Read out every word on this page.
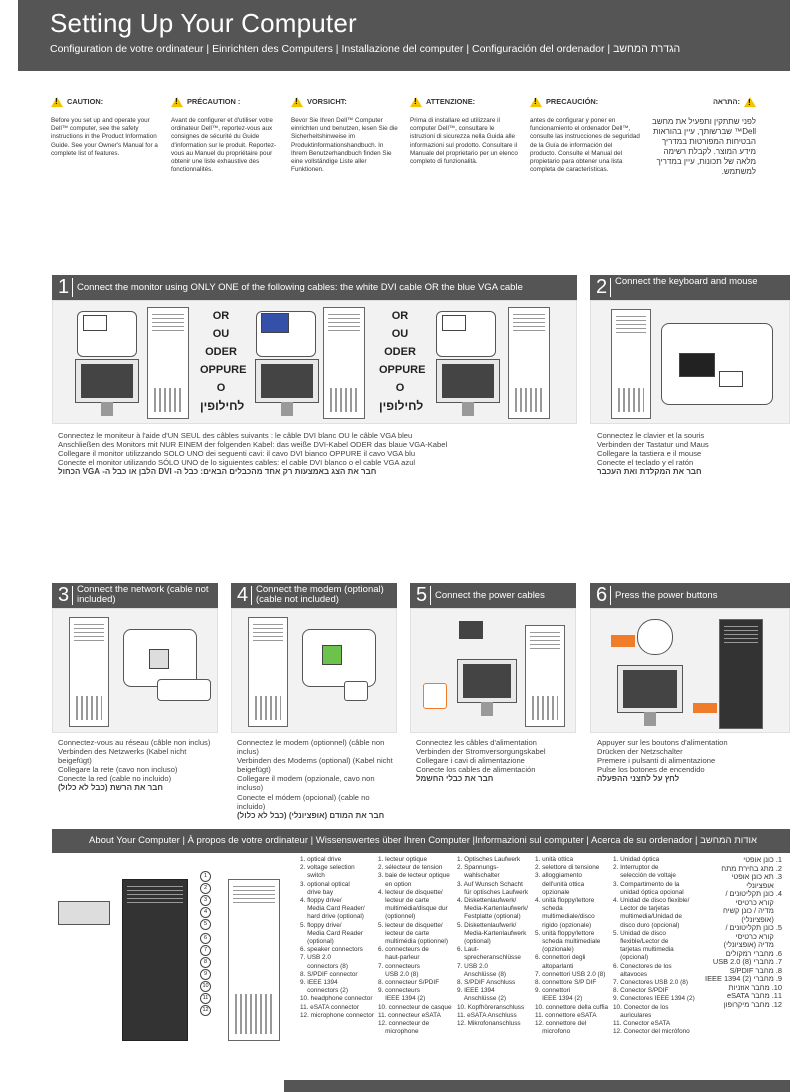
Setting Up Your Computer
Configuration de votre ordinateur | Einrichten des Computers | Installazione del computer | Configuración del ordenador | הגדרת המחשב
!
CAUTION:
Before you set up and operate your Dell™ computer, see the safety instructions in the Product Information Guide. See your Owner's Manual for a complete list of features.
!
PRÉCAUTION :
Avant de configurer et d'utiliser votre ordinateur Dell™, reportez-vous aux consignes de sécurité du Guide d'information sur le produit. Reportez-vous au Manuel du propriétaire pour obtenir une liste exhaustive des fonctionnalités.
!
VORSICHT:
Bevor Sie Ihren Dell™ Computer einrichten und benutzen, lesen Sie die Sicherheitshinweise im Produktinformationshandbuch. In Ihrem Benutzerhandbuch finden Sie eine vollständige Liste aller Funktionen.
!
ATTENZIONE:
Prima di installare ed utilizzare il computer Dell™, consultare le istruzioni di sicurezza nella Guida alle informazioni sul prodotto. Consultare il Manuale del proprietario per un elenco completo di funzionalità.
!
PRECAUCIÓN:
antes de configurar y poner en funcionamiento el ordenador Dell™, consulte las instrucciones de seguridad de la Guía de información del producto. Consulte el Manual del propietario para obtener una lista completa de características.
התראה:
!
לפני שתתקין ותפעיל את מחשב Dell™ שברשותך, עיין בהוראות הבטיחות המפורטות במדריך מידע המוצר. לקבלת רשימה מלאה של תכונות, עיין במדריך למשתמש.
1 Connect the monitor using ONLY ONE of the following cables: the white DVI cable OR the blue VGA cable
OR
OU
ODER
OPPURE
O
לחילופין
OR
OU
ODER
OPPURE
O
לחילופין
Connectez le moniteur à l'aide d'UN SEUL des câbles suivants : le câble DVI blanc OU le câble VGA bleu
Anschließen des Monitors mit NUR EINEM der folgenden Kabel: das weiße DVI-Kabel ODER das blaue VGA-Kabel
Collegare il monitor utilizzando SOLO UNO dei seguenti cavi: il cavo DVI bianco OPPURE il cavo VGA blu
Conecte el monitor utilizando SÓLO UNO de lo siguientes cables: el cable DVI blanco o el cable VGA azul
חבר את הצג באמצעות רק אחד מהכבלים הבאים: כבל ה- DVI הלבן או כבל ה- VGA הכחול
2 Connect the keyboard and mouse
Connectez le clavier et la souris
Verbinden der Tastatur und Maus
Collegare la tastiera e il mouse
Conecte el teclado y el ratón
חבר את המקלדת ואת העכבר
3 Connect the network (cable not included)
Connectez-vous au réseau (câble non inclus)
Verbinden des Netzwerks (Kabel nicht beigefügt)
Collegare la rete (cavo non incluso)
Conecte la red (cable no incluido)
חבר את הרשת (כבל לא כלול)
4 Connect the modem (optional) (cable not included)
Connectez le modem (optionnel) (câble non inclus)
Verbinden des Modems (optional) (Kabel nicht beigefügt)
Collegare il modem (opzionale, cavo non incluso)
Conecte el módem (opcional) (cable no incluido)
חבר את המודם (אופציונלי) (כבל לא כלול)
5 Connect the power cables
Connectez les câbles d'alimentation
Verbinden der Stromversorgungskabel
Collegare i cavi di alimentazione
Conecte los cables de alimentación
חבר את כבלי החשמל
6 Press the power buttons
Appuyer sur les boutons d'alimentation
Drücken der Netzschalter
Premere i pulsanti di alimentazione
Pulse los botones de encendido
לחץ על לחצני ההפעלה
About Your Computer | À propos de votre ordinateur | Wissenswertes über Ihren Computer |Informazioni sul computer | Acerca de su ordenador | אודות המחשב
1
2
3
4
5
6
7
8
9
10
11
12
1. optical drive
2. voltage selection
switch
3. optional optical
drive bay
4. floppy drive/
Media Card Reader/
hard drive (optional)
5. floppy drive/
Media Card Reader
(optional)
6. speaker connectors
7. USB 2.0
connectors (8)
8. S/PDIF connector
9. IEEE 1394
connectors (2)
10. headphone connector
11. eSATA connector
12. microphone connector
1. lecteur optique
2. sélecteur de tension
3. baie de lecteur optique
en option
4. lecteur de disquette/
lecteur de carte
multimédia/disque dur
(optionnel)
5. lecteur de disquette/
lecteur de carte
multimédia (optionnel)
6. connecteurs de
haut-parleur
7. connecteurs
USB 2.0 (8)
8. connecteur S/PDIF
9. connecteurs
IEEE 1394 (2)
10. connecteur de casque
11. connecteur eSATA
12. connecteur de
microphone
1. Optisches Laufwerk
2. Spannungs-
wahlschalter
3. Auf Wunsch Schacht
für optisches Laufwerk
4. Diskettenlaufwerk/
Media-Kartenlaufwerk/
Festplatte (optional)
5. Diskettenlaufwerk/
Media-Kartenlaufwerk
(optional)
6. Laut-
sprecheranschlüsse
7. USB 2.0
Anschlüsse (8)
8. S/PDIF Anschluss
9. IEEE 1394
Anschlüsse (2)
10. Kopfhöreranschluss
11. eSATA Anschluss
12. Mikrofonanschluss
1. unità ottica
2. selettore di tensione
3. alloggiamento
dell'unità ottica
opzionale
4. unità floppy/lettore
scheda
multimediale/disco
rigido (opzionale)
5. unità floppy/lettore
scheda multimediale
(opzionale)
6. connettori degli
altoparlanti
7. connettori USB 2.0 (8)
8. connettore S/P DIF
9. connettori
IEEE 1394 (2)
10. connettore della cuffia
11. connettore eSATA
12. connettore del
microfono
1. Unidad óptica
2. Interruptor de
selección de voltaje
3. Compartimento de la
unidad óptica opcional
4. Unidad de disco flexible/
Lector de tarjetas
multimedia/Unidad de
disco duro (opcional)
5. Unidad de disco
flexible/Lector de
tarjetas multimedia
(opcional)
6. Conectores de los
altavoces
7. Conectores USB 2.0 (8)
8. Conector S/PDIF
9. Conectores IEEE 1394 (2)
10. Conector de los
auriculares
11. Conector eSATA
12. Conector del micrófono
1. כונן אופטי
2. מתג בחירת מתח
3. תא כונן אופטי
אופציונלי
4. כונן תקליטונים /
קורא כרטיסי
מדיה / כונן קשיח
(אופציונלי)
5. כונן תקליטונים /
קורא כרטיסי
מדיה (אופציונלי)
6. מחברי רמקולים
7. מחברי USB 2.0 (8)
8. מחבר S/PDIF
9. מחברי IEEE 1394 (2)
10. מחבר אוזניות
11. מחבר eSATA
12. מחבר מיקרופון
